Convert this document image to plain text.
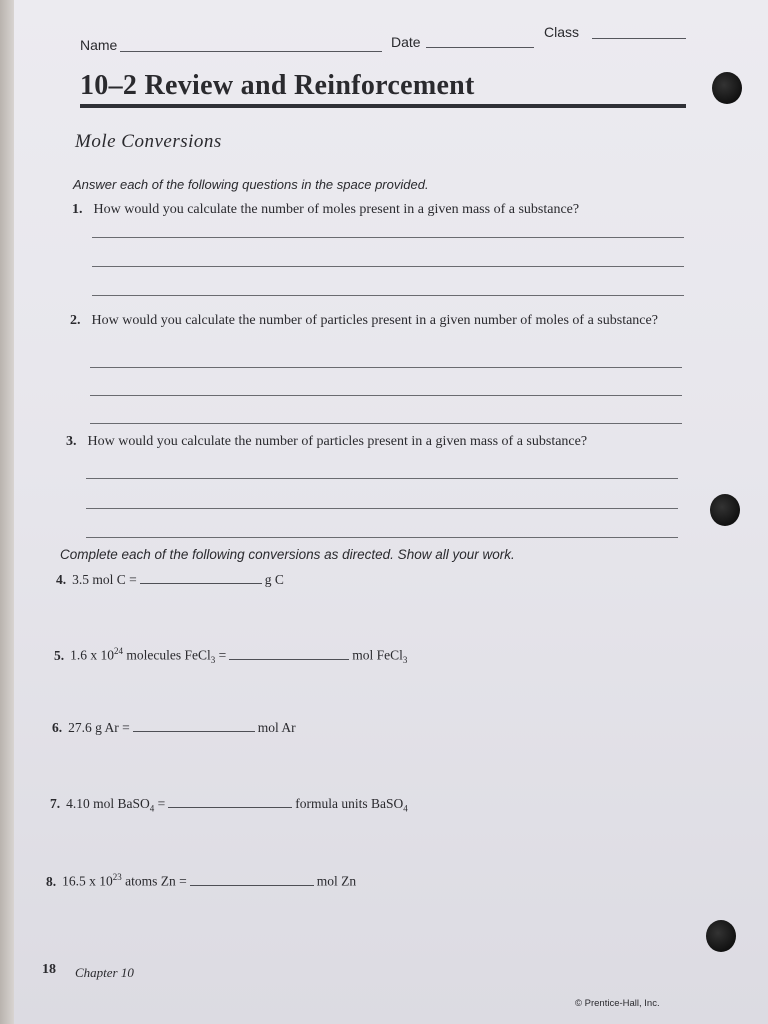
Name	Date
Class
10–2 Review and Reinforcement
Mole Conversions
Answer each of the following questions in the space provided.
1. How would you calculate the number of moles present in a given mass of a substance?
2. How would you calculate the number of particles present in a given number of moles of a substance?
3. How would you calculate the number of particles present in a given mass of a substance?
Complete each of the following conversions as directed. Show all your work.
4. 3.5 mol C =	g C
5. 1.6 x $10^{24}$ molecules FeCl$_3$ =	mol FeCl$_3$
6. 27.6 g Ar =	mol Ar
7. 4.10 mol BaSO$_4$ =	formula units BaSO$_4$
8. 16.5 x $10^{23}$ atoms Zn =	mol Zn
18 Chapter 10
© Prentice-Hall, Inc.
